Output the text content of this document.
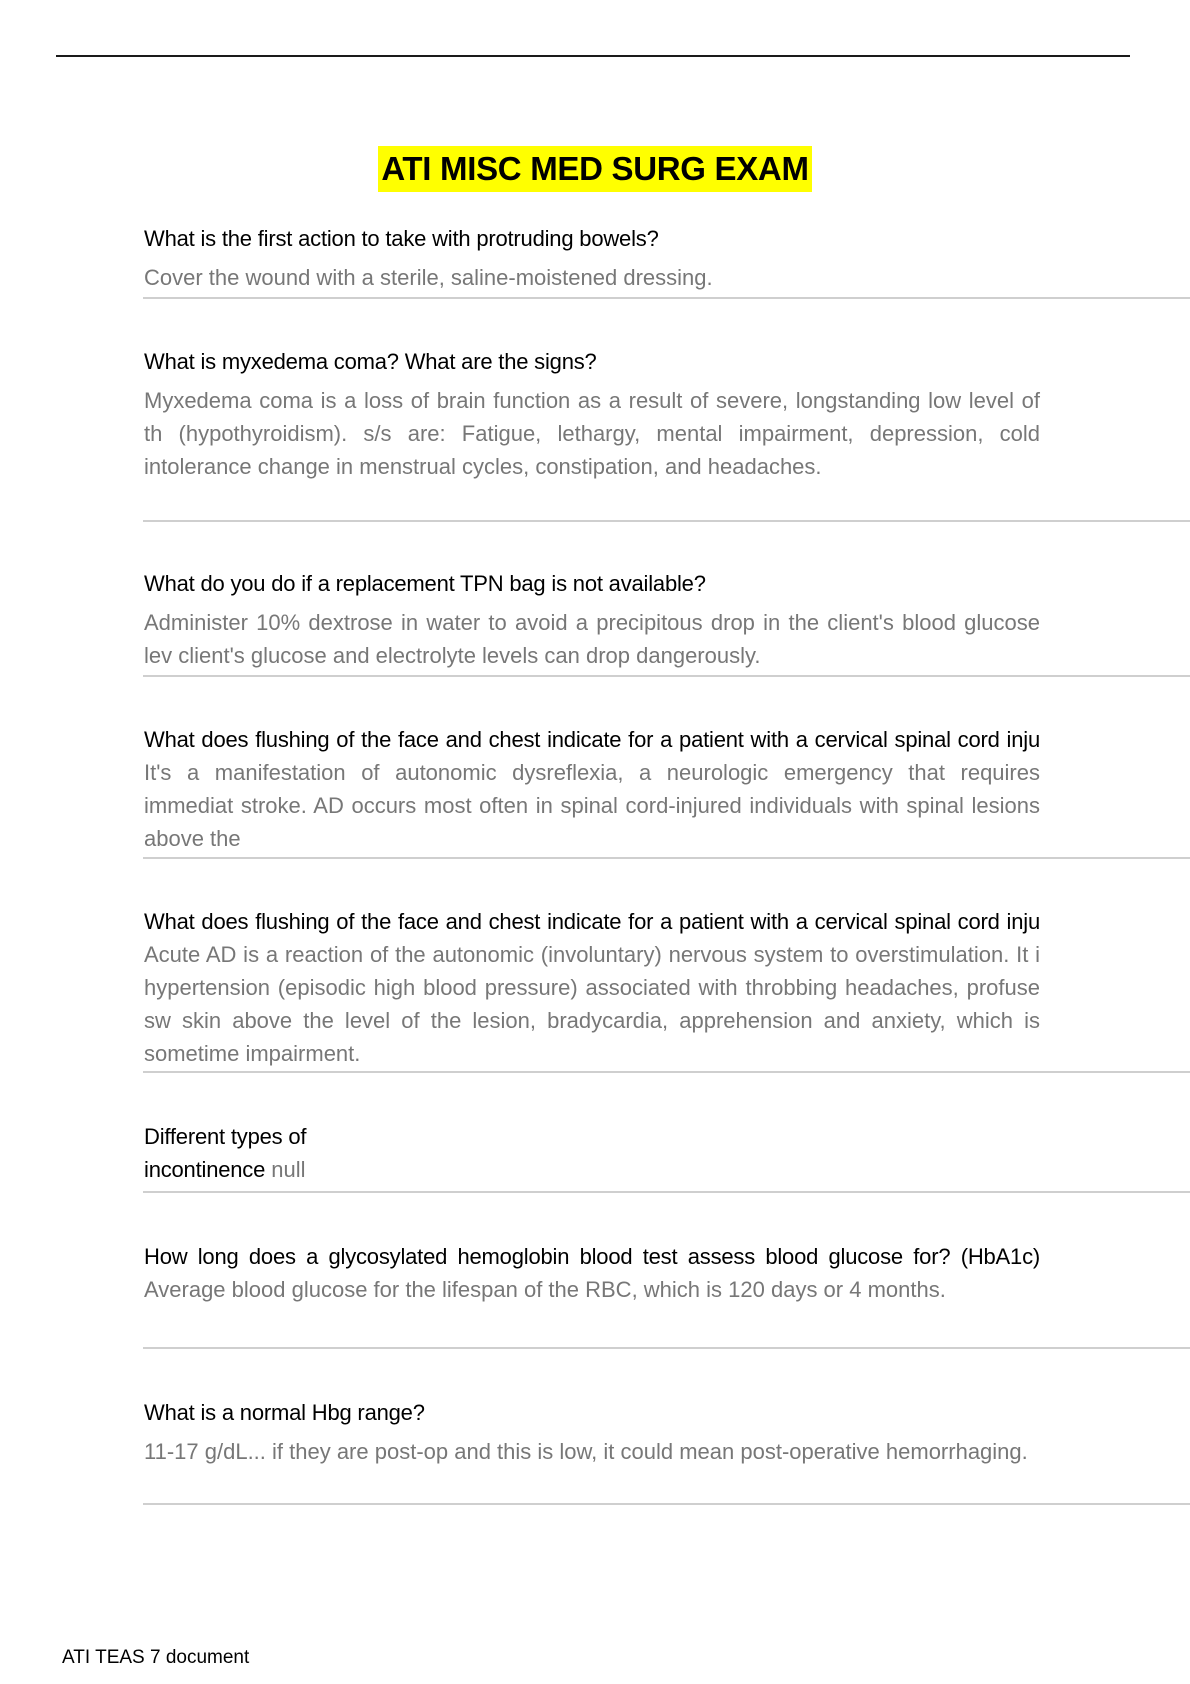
ATI MISC MED SURG EXAM
What is the first action to take with protruding bowels?
Cover the wound with a sterile, saline-moistened dressing.
What is myxedema coma? What are the signs?
Myxedema coma is a loss of brain function as a result of severe, longstanding low level of th (hypothyroidism). s/s are: Fatigue, lethargy, mental impairment, depression, cold intolerance change in menstrual cycles, constipation, and headaches.
What do you do if a replacement TPN bag is not available?
Administer 10% dextrose in water to avoid a precipitous drop in the client's blood glucose lev client's glucose and electrolyte levels can drop dangerously.
What does flushing of the face and chest indicate for a patient with a cervical spinal cord inju It's a manifestation of autonomic dysreflexia, a neurologic emergency that requires immediat stroke. AD occurs most often in spinal cord-injured individuals with spinal lesions above the
What does flushing of the face and chest indicate for a patient with a cervical spinal cord inju Acute AD is a reaction of the autonomic (involuntary) nervous system to overstimulation. It i hypertension (episodic high blood pressure) associated with throbbing headaches, profuse sw skin above the level of the lesion, bradycardia, apprehension and anxiety, which is sometime impairment.
Different types of
incontinence null
How long does a glycosylated hemoglobin blood test assess blood glucose for? (HbA1c) Average blood glucose for the lifespan of the RBC, which is 120 days or 4 months.
What is a normal Hbg range?
11-17 g/dL... if they are post-op and this is low, it could mean post-operative hemorrhaging.
ATI TEAS 7 document
